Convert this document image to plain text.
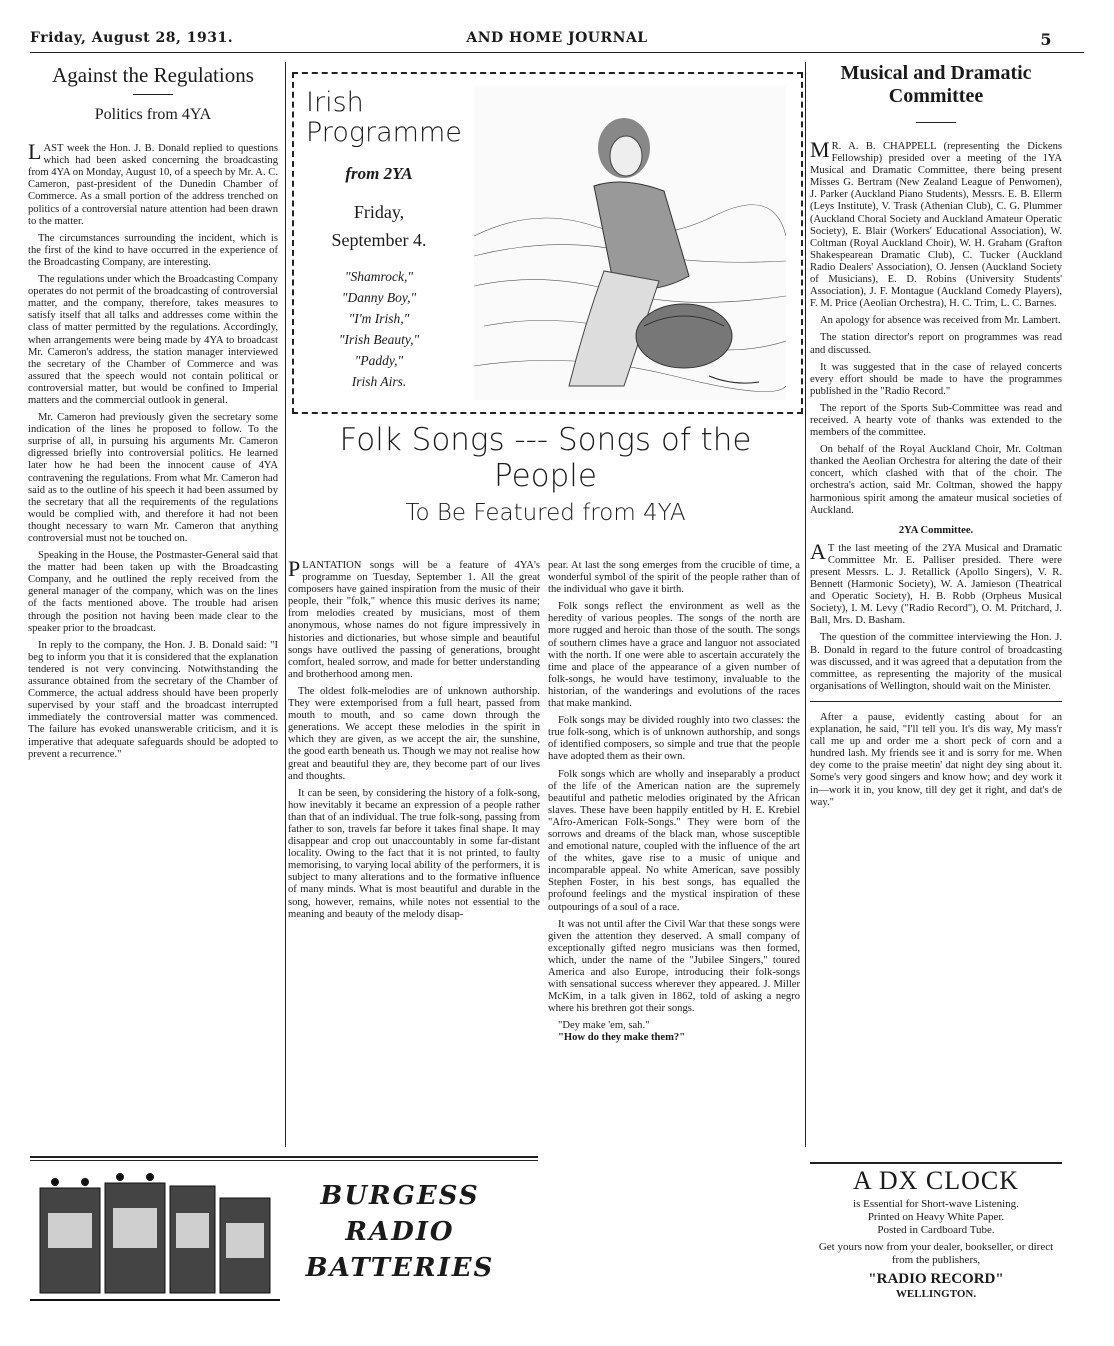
Friday, August 28, 1931.	AND HOME JOURNAL	5
Against the Regulations
Politics from 4YA

LAST week the Hon. J. B. Donald replied to questions which had been asked concerning the broadcasting from 4YA on Monday, August 10, of a speech by Mr. A. C. Cameron, past-president of the Dunedin Chamber of Commerce. As a small portion of the address trenched on politics of a controversial nature attention had been drawn to the matter.

The circumstances surrounding the incident, which is the first of the kind to have occurred in the experience of the Broadcasting Company, are interesting.

The regulations under which the Broadcasting Company operates do not permit of the broadcasting of controversial matter, and the company, therefore, takes measures to satisfy itself that all talks and addresses come within the class of matter permitted by the regulations. Accordingly, when arrangements were being made by 4YA to broadcast Mr. Cameron's address, the station manager interviewed the secretary of the Chamber of Commerce and was assured that the speech would not contain political or controversial matter, but would be confined to Imperial matters and the commercial outlook in general.

Mr. Cameron had previously given the secretary some indication of the lines he proposed to follow. To the surprise of all, in pursuing his arguments Mr. Cameron digressed briefly into controversial politics. He learned later how he had been the innocent cause of 4YA contravening the regulations. From what Mr. Cameron had said as to the outline of his speech it had been assumed by the secretary that all the requirements of the regulations would be complied with, and therefore it had not been thought necessary to warn Mr. Cameron that anything controversial must not be touched on.

Speaking in the House, the Postmaster-General said that the matter had been taken up with the Broadcasting Company, and he outlined the reply received from the general manager of the company, which was on the lines of the facts mentioned above. The trouble had arisen through the position not having been made clear to the speaker prior to the broadcast.

In reply to the company, the Hon. J. B. Donald said: "I beg to inform you that it is considered that the explanation tendered is not very convincing. Notwithstanding the assurance obtained from the secretary of the Chamber of Commerce, the actual address should have been properly supervised by your staff and the broadcast interrupted immediately the controversial matter was commenced. The failure has evoked unanswerable criticism, and it is imperative that adequate safeguards should be adopted to prevent a recurrence."

Irish Programme
from 2YA
Friday,
September 4.
"Shamrock,"
"Danny Boy,"
"I'm Irish,"
"Irish Beauty,"
"Paddy,"
Irish Airs.
Folk Songs --- Songs of the People
To Be Featured from 4YA

PLANTATION songs will be a feature of 4YA's programme on Tuesday, September 1. All the great composers have gained inspiration from the music of their people, their "folk," whence this music derives its name; from melodies created by musicians, most of them anonymous, whose names do not figure impressively in histories and dictionaries, but whose simple and beautiful songs have outlived the passing of generations, brought comfort, healed sorrow, and made for better understanding and brotherhood among men.

The oldest folk-melodies are of unknown authorship. They were extemporised from a full heart, passed from mouth to mouth, and so came down through the generations. We accept these melodies in the spirit in which they are given, as we accept the air, the sunshine, the good earth beneath us. Though we may not realise how great and beautiful they are, they become part of our lives and thoughts.

It can be seen, by considering the history of a folk-song, how inevitably it became an expression of a people rather than that of an individual. The true folk-song, passing from father to son, travels far before it takes final shape. It may disappear and crop out unaccountably in some far-distant locality. Owing to the fact that it is not printed, to faulty memorising, to varying local ability of the performers, it is subject to many alterations and to the formative influence of many minds. What is most beautiful and durable in the song, however, remains, while notes not essential to the meaning and beauty of the melody disap-

pear. At last the song emerges from the crucible of time, a wonderful symbol of the spirit of the people rather than of the individual who gave it birth.

Folk songs reflect the environment as well as the heredity of various peoples. The songs of the north are more rugged and heroic than those of the south. The songs of southern climes have a grace and languor not associated with the north. If one were able to ascertain accurately the time and place of the appearance of a given number of folk-songs, he would have testimony, invaluable to the historian, of the wanderings and evolutions of the races that make mankind.

Folk songs may be divided roughly into two classes: the true folk-song, which is of unknown authorship, and songs of identified composers, so simple and true that the people have adopted them as their own.

Folk songs which are wholly and inseparably a product of the life of the American nation are the supremely beautiful and pathetic melodies originated by the African slaves. These have been happily entitled by H. E. Krebiel "Afro-American Folk-Songs." They were born of the sorrows and dreams of the black man, whose susceptible and emotional nature, coupled with the influence of the art of the whites, gave rise to a music of unique and incomparable appeal. No white American, save possibly Stephen Foster, in his best songs, has equalled the profound feelings and the mystical inspiration of these outpourings of a soul of a race.

It was not until after the Civil War that these songs were given the attention they deserved. A small company of exceptionally gifted negro musicians was then formed, which, under the name of the "Jubilee Singers," toured America and also Europe, introducing their folk-songs with sensational success wherever they appeared. J. Miller McKim, in a talk given in 1862, told of asking a negro where his brethren got their songs.

"Dey make 'em, sah."

"How do they make them?"

Musical and Dramatic Committee

MR. A. B. CHAPPELL (representing the Dickens Fellowship) presided over a meeting of the 1YA Musical and Dramatic Committee, there being present Misses G. Bertram (New Zealand League of Penwomen), J. Parker (Auckland Piano Students), Messrs. E. B. Ellerm (Leys Institute), V. Trask (Athenian Club), C. G. Plummer (Auckland Choral Society and Auckland Amateur Operatic Society), E. Blair (Workers' Educational Association), W. Coltman (Royal Auckland Choir), W. H. Graham (Grafton Shakespearean Dramatic Club), C. Tucker (Auckland Radio Dealers' Association), O. Jensen (Auckland Society of Musicians), E. D. Robins (University Students' Association), J. F. Montague (Auckland Comedy Players), F. M. Price (Aeolian Orchestra), H. C. Trim, L. C. Barnes.

An apology for absence was received from Mr. Lambert.

The station director's report on programmes was read and discussed.

It was suggested that in the case of relayed concerts every effort should be made to have the programmes published in the "Radio Record."

The report of the Sports Sub-Committee was read and received. A hearty vote of thanks was extended to the members of the committee.

On behalf of the Royal Auckland Choir, Mr. Coltman thanked the Aeolian Orchestra for altering the date of their concert, which clashed with that of the choir. The orchestra's action, said Mr. Coltman, showed the happy harmonious spirit among the amateur musical societies of Auckland.

2YA Committee.

AT the last meeting of the 2YA Musical and Dramatic Committee Mr. E. Palliser presided. There were present Messrs. L. J. Retallick (Apollo Singers), V. R. Bennett (Harmonic Society), W. A. Jamieson (Theatrical and Operatic Society), H. B. Robb (Orpheus Musical Society), I. M. Levy ("Radio Record"), O. M. Pritchard, J. Ball, Mrs. D. Basham.

The question of the committee interviewing the Hon. J. B. Donald in regard to the future control of broadcasting was discussed, and it was agreed that a deputation from the committee, as representing the majority of the musical organisations of Wellington, should wait on the Minister.

After a pause, evidently casting about for an explanation, he said, "I'll tell you. It's dis way, My mass'r call me up and order me a short peck of corn and a hundred lash. My friends see it and is sorry for me. When dey come to the praise meetin' dat night dey sing about it. Some's very good singers and know how; and dey work it in—work it in, you know, till dey get it right, and dat's de way."

BURGESS
RADIO
BATTERIES
A DX CLOCK
is Essential for Short-wave Listening.
Printed on Heavy White Paper.
Posted in Cardboard Tube.
Get yours now from your dealer, bookseller, or direct from the publishers,
"RADIO RECORD"
WELLINGTON.
